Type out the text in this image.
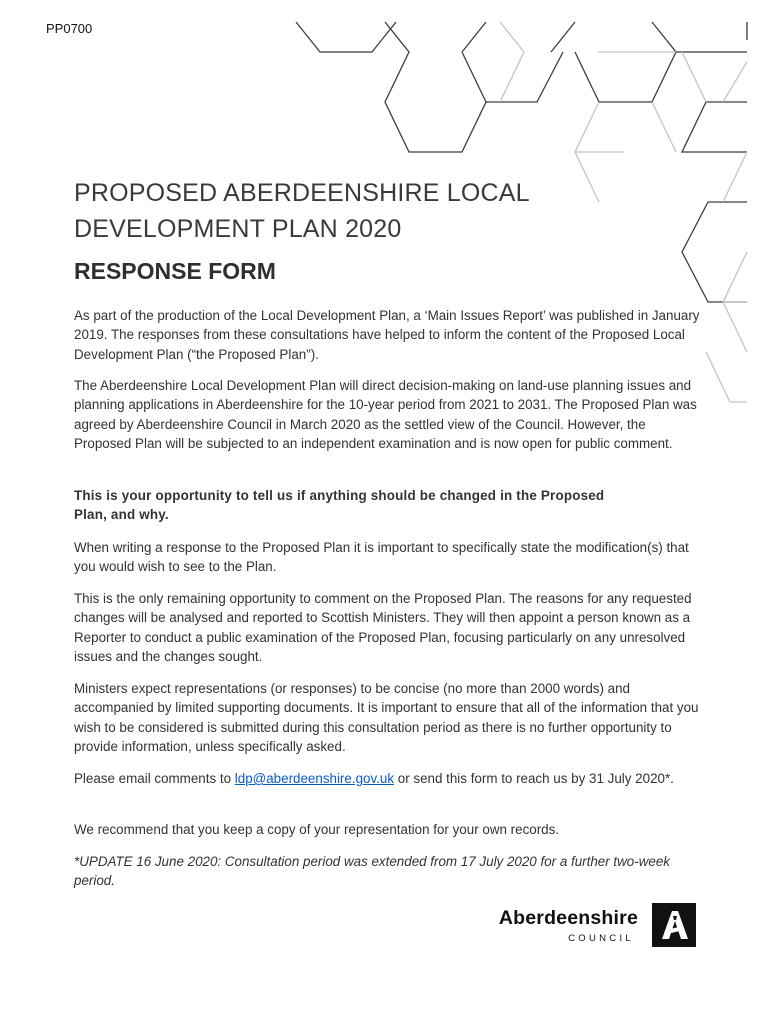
PP0700
PROPOSED ABERDEENSHIRE LOCAL
DEVELOPMENT PLAN 2020
RESPONSE FORM

As part of the production of the Local Development Plan, a ‘Main Issues Report’ was published in January 2019. The responses from these consultations have helped to inform the content of the Proposed Local Development Plan (“the Proposed Plan”).

The Aberdeenshire Local Development Plan will direct decision-making on land-use planning issues and planning applications in Aberdeenshire for the 10-year period from 2021 to 2031. The Proposed Plan was agreed by Aberdeenshire Council in March 2020 as the settled view of the Council. However, the Proposed Plan will be subjected to an independent examination and is now open for public comment.

This is your opportunity to tell us if anything should be changed in the Proposed Plan, and why.

When writing a response to the Proposed Plan it is important to specifically state the modification(s) that you would wish to see to the Plan.

This is the only remaining opportunity to comment on the Proposed Plan. The reasons for any requested changes will be analysed and reported to Scottish Ministers. They will then appoint a person known as a Reporter to conduct a public examination of the Proposed Plan, focusing particularly on any unresolved issues and the changes sought.

Ministers expect representations (or responses) to be concise (no more than 2000 words) and accompanied by limited supporting documents. It is important to ensure that all of the information that you wish to be considered is submitted during this consultation period as there is no further opportunity to provide information, unless specifically asked.

Please email comments to ldp@aberdeenshire.gov.uk or send this form to reach us by 31 July 2020*.

We recommend that you keep a copy of your representation for your own records.

*UPDATE 16 June 2020: Consultation period was extended from 17 July 2020 for a further two-week period.

Aberdeenshire
COUNCIL
